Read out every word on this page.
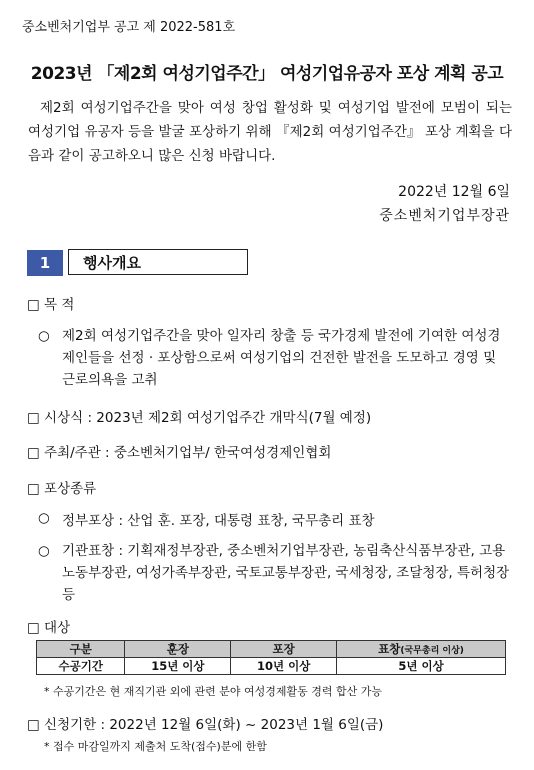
중소벤처기업부 공고 제 2022-581호
2023년 「제2회 여성기업주간」 여성기업유공자 포상 계획 공고
제2회 여성기업주간을 맞아 여성 창업 활성화 및 여성기업 발전에 모범이 되는 여성기업 유공자 등을 발굴 포상하기 위해 『제2회 여성기업주간』 포상 계획을 다음과 같이 공고하오니 많은 신청 바랍니다.
2022년 12월 6일
중소벤처기업부장관
1	행사개요
□ 목 적
○ 제2회 여성기업주간을 맞아 일자리 창출 등 국가경제 발전에 기여한 여성경제인들을 선정 · 포상함으로써 여성기업의 건전한 발전을 도모하고 경영 및 근로의욕을 고취
□ 시상식 : 2023년 제2회 여성기업주간 개막식(7월 예정)
□ 주최/주관 : 중소벤처기업부/ 한국여성경제인협회
□ 포상종류
○ 정부포상 : 산업 훈. 포장, 대통령 표창, 국무총리 표창
○ 기관표창 : 기획재정부장관, 중소벤처기업부장관, 농림축산식품부장관, 고용노동부장관, 여성가족부장관, 국토교통부장관, 국세청장, 조달청장, 특허청장 등
□ 대상
구분	훈장	포장	표창(국무총리 이상)
수공기간	15년 이상	10년 이상	5년 이상
* 수공기간은 현 재직기관 외에 관련 분야 여성경제활동 경력 합산 가능
□ 신청기한 : 2022년 12월 6일(화) ~ 2023년 1월 6일(금)
* 접수 마감일까지 제출처 도착(접수)분에 한함
